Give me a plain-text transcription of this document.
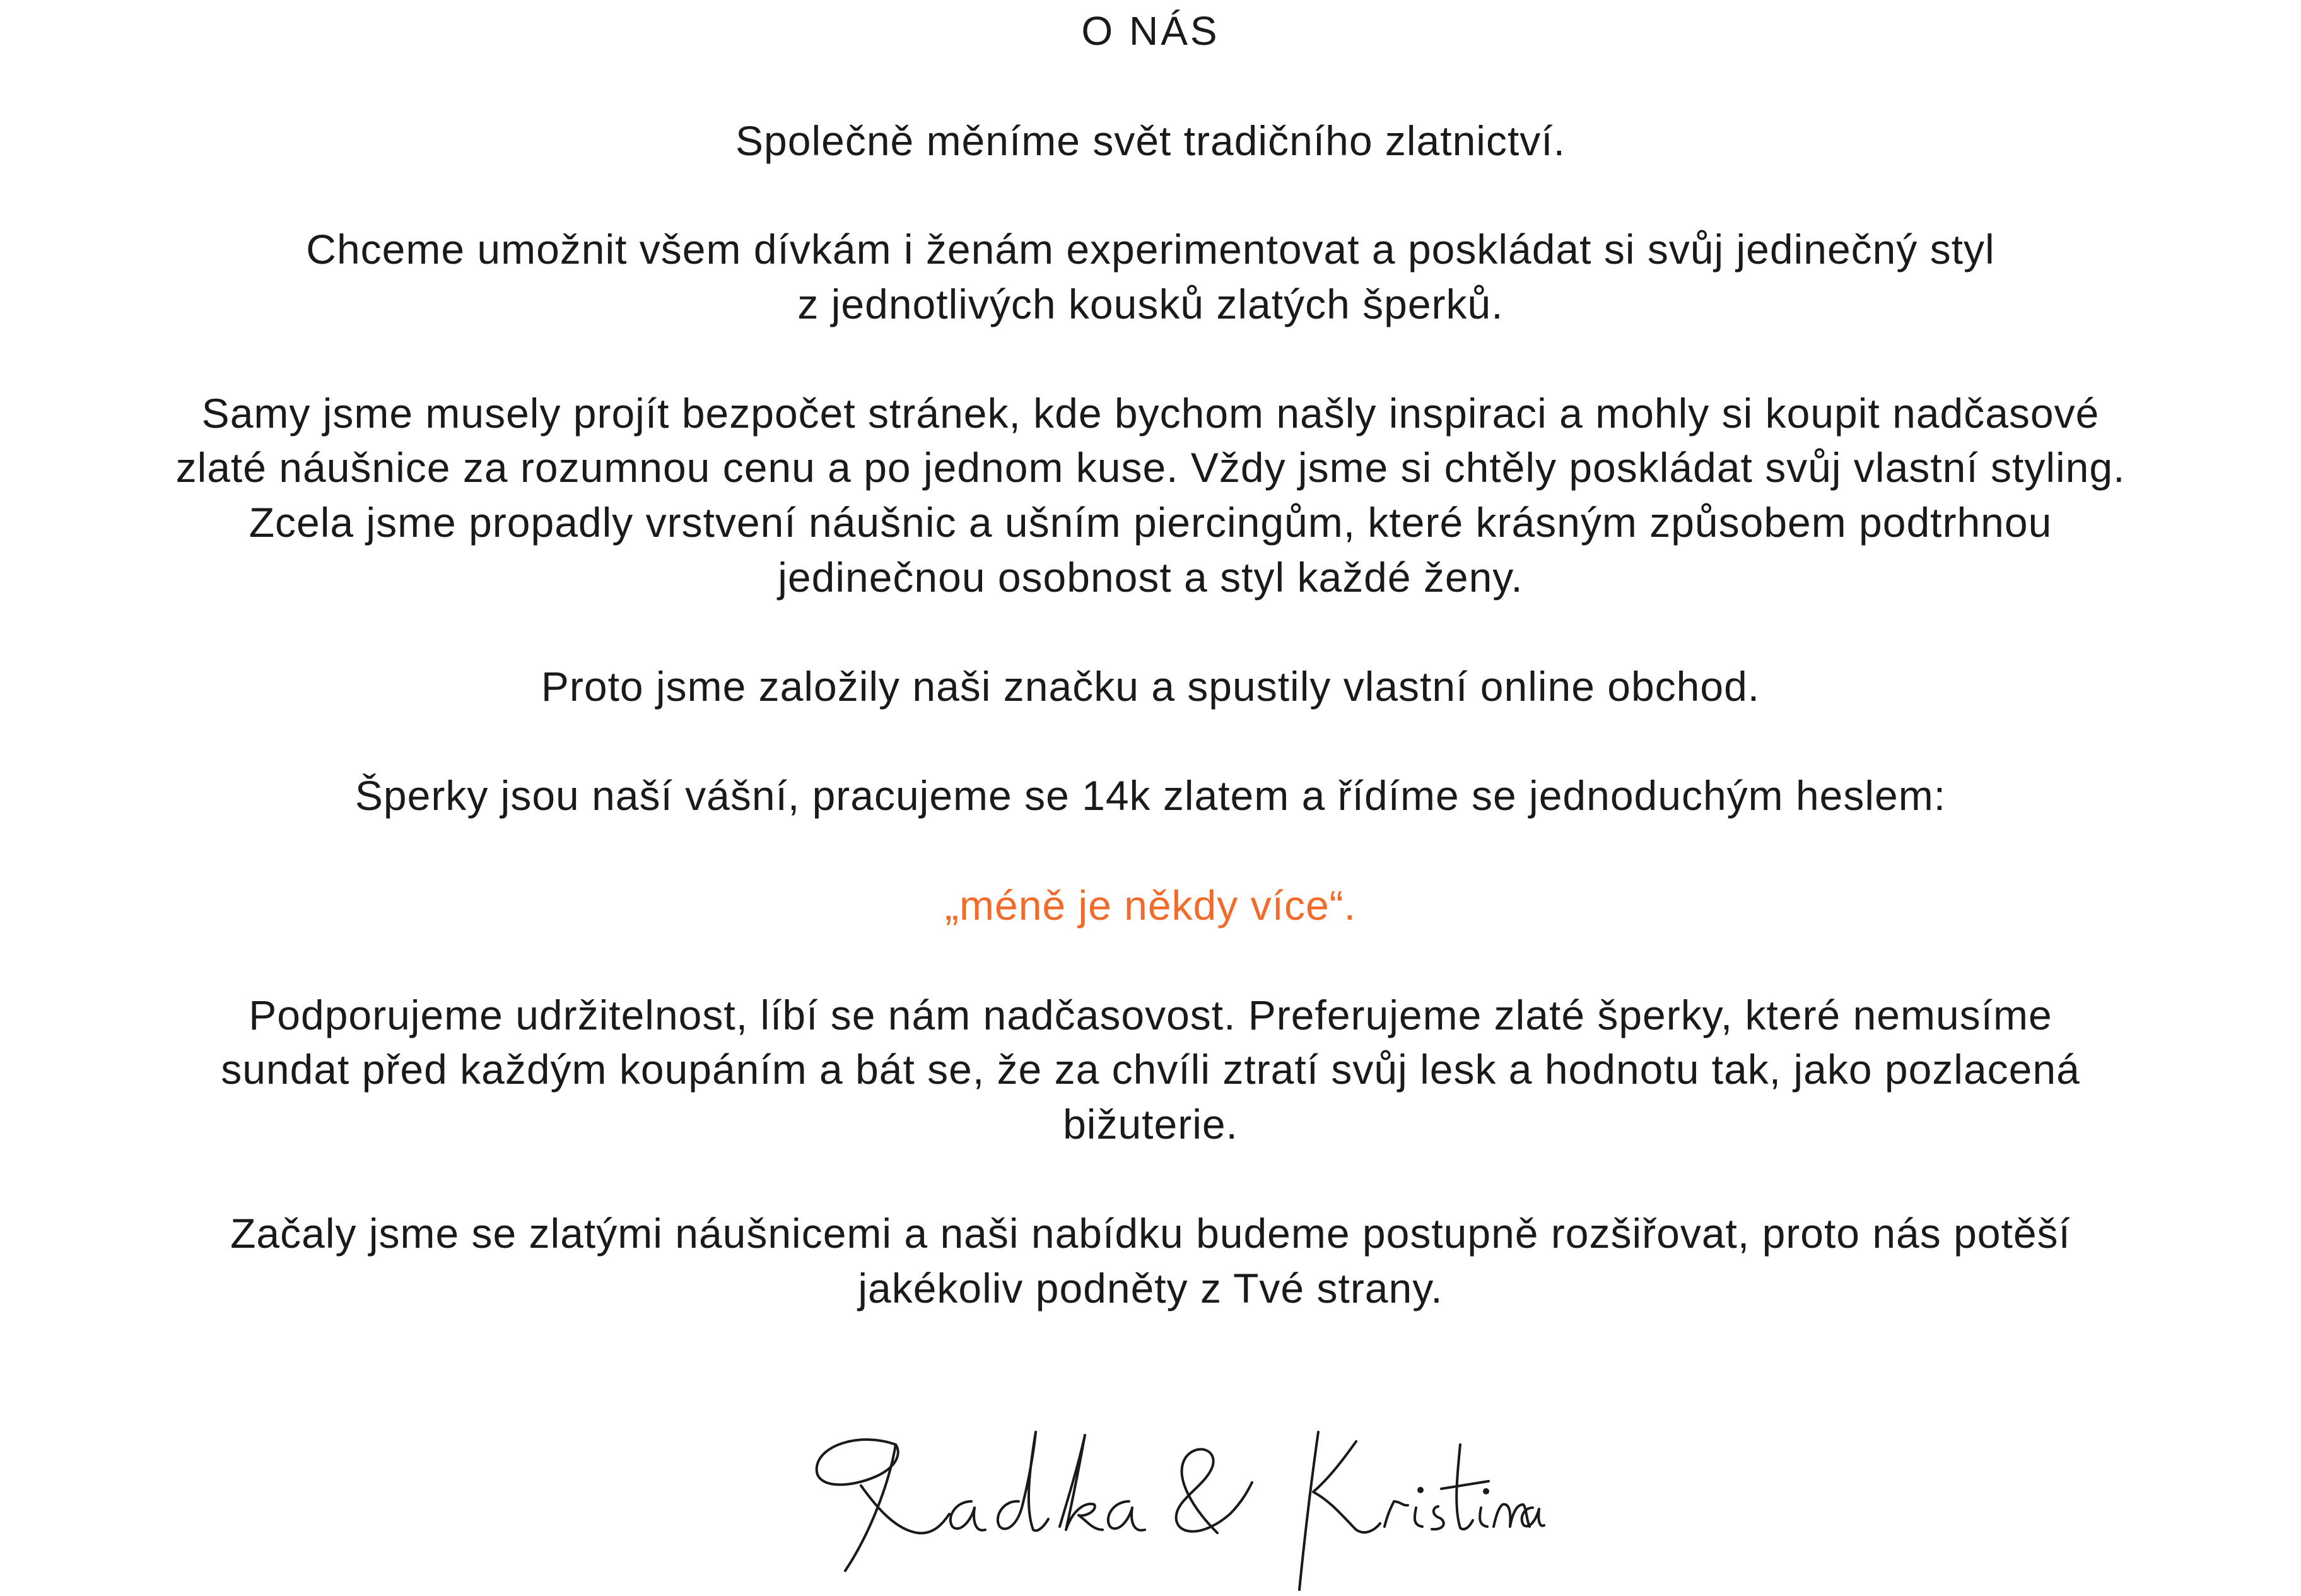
O NÁS
Společně měníme svět tradičního zlatnictví.
Chceme umožnit všem dívkám i ženám experimentovat a poskládat si svůj jedinečný styl
z jednotlivých kousků zlatých šperků.
Samy jsme musely projít bezpočet stránek, kde bychom našly inspiraci a mohly si koupit nadčasové
zlaté náušnice za rozumnou cenu a po jednom kuse. Vždy jsme si chtěly poskládat svůj vlastní styling.
Zcela jsme propadly vrstvení náušnic a ušním piercingům, které krásným způsobem podtrhnou
jedinečnou osobnost a styl každé ženy.
Proto jsme založily naši značku a spustily vlastní online obchod.
Šperky jsou naší vášní, pracujeme se 14k zlatem a řídíme se jednoduchým heslem:
„méně je někdy více“.
Podporujeme udržitelnost, líbí se nám nadčasovost. Preferujeme zlaté šperky, které nemusíme
sundat před každým koupáním a bát se, že za chvíli ztratí svůj lesk a hodnotu tak, jako pozlacená
bižuterie.
Začaly jsme se zlatými náušnicemi a naši nabídku budeme postupně rozšiřovat, proto nás potěší
jakékoliv podněty z Tvé strany.
